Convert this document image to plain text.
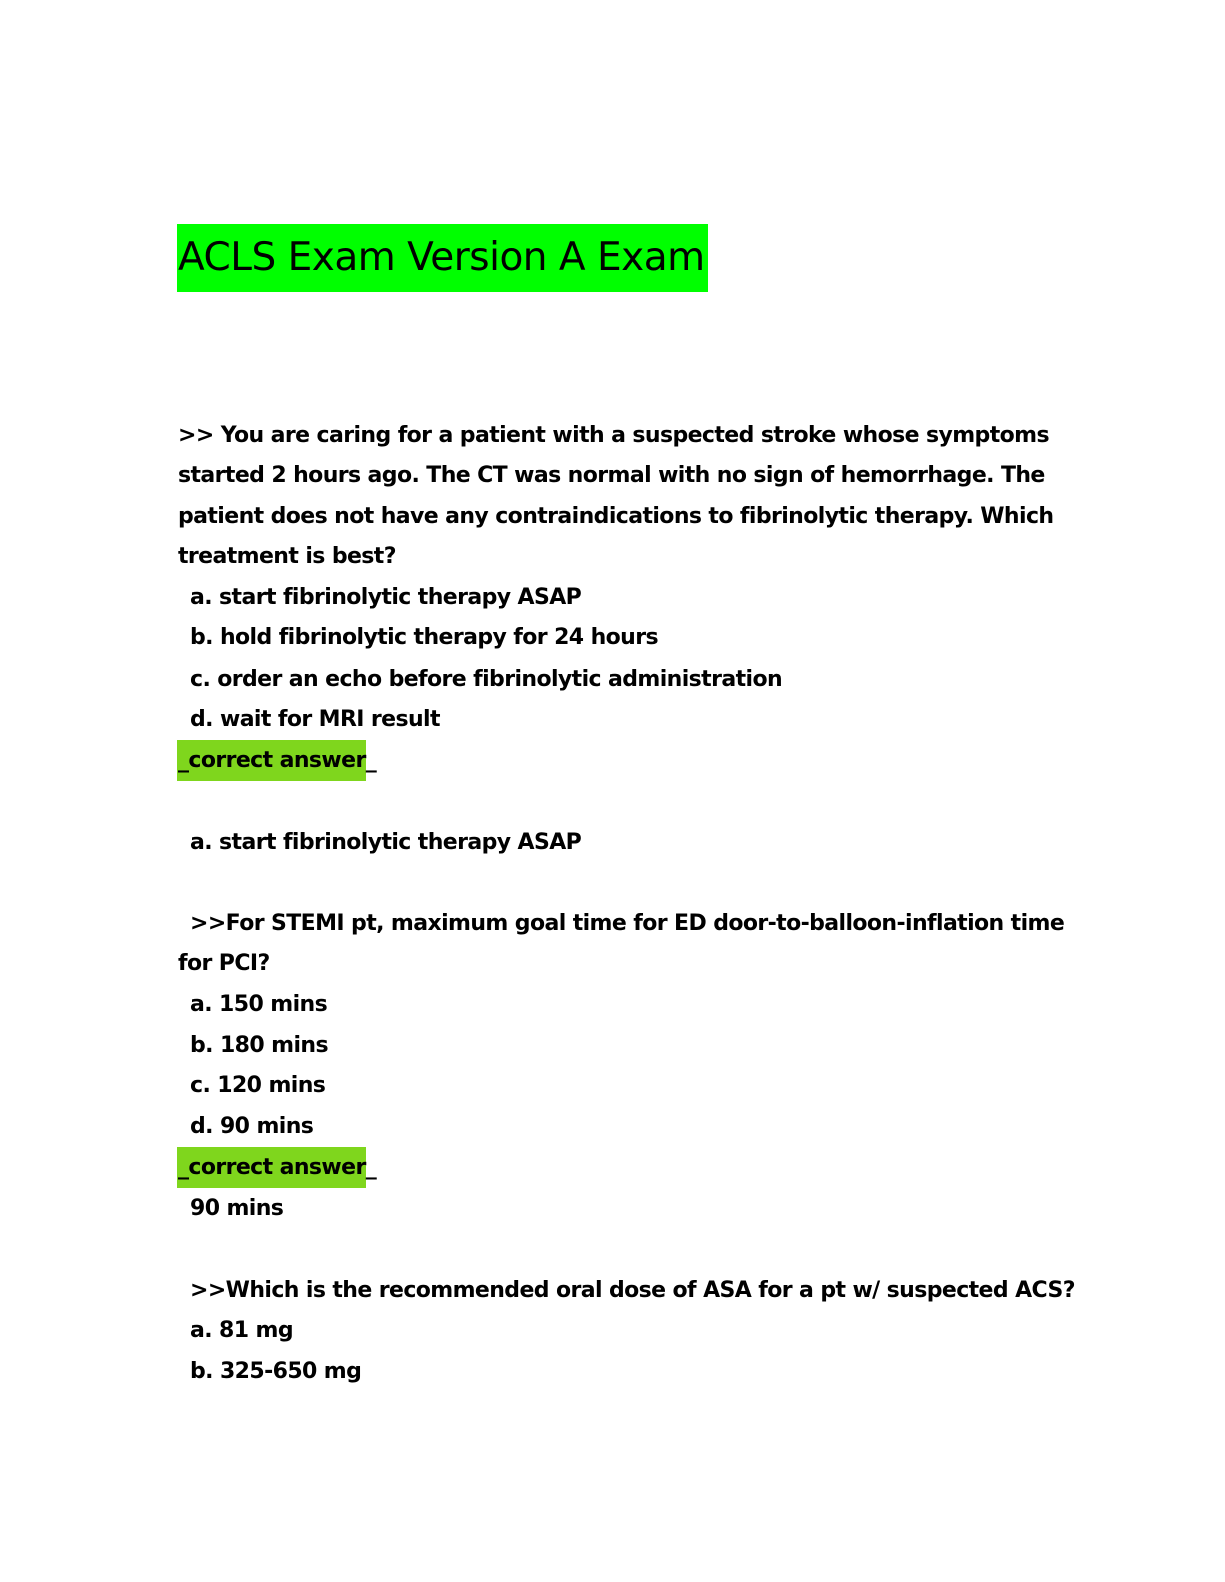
ACLS Exam Version A Exam
>> You are caring for a patient with a suspected stroke whose symptoms
started 2 hours ago. The CT was normal with no sign of hemorrhage. The
patient does not have any contraindications to fibrinolytic therapy. Which
treatment is best?
a. start fibrinolytic therapy ASAP
b. hold fibrinolytic therapy for 24 hours
c. order an echo before fibrinolytic administration
d. wait for MRI result
_correct answer_
a. start fibrinolytic therapy ASAP
>>For STEMI pt, maximum goal time for ED door-to-balloon-inflation time
for PCI?
a. 150 mins
b. 180 mins
c. 120 mins
d. 90 mins
_correct answer_
90 mins
>>Which is the recommended oral dose of ASA for a pt w/ suspected ACS?
a. 81 mg
b. 325-650 mg
